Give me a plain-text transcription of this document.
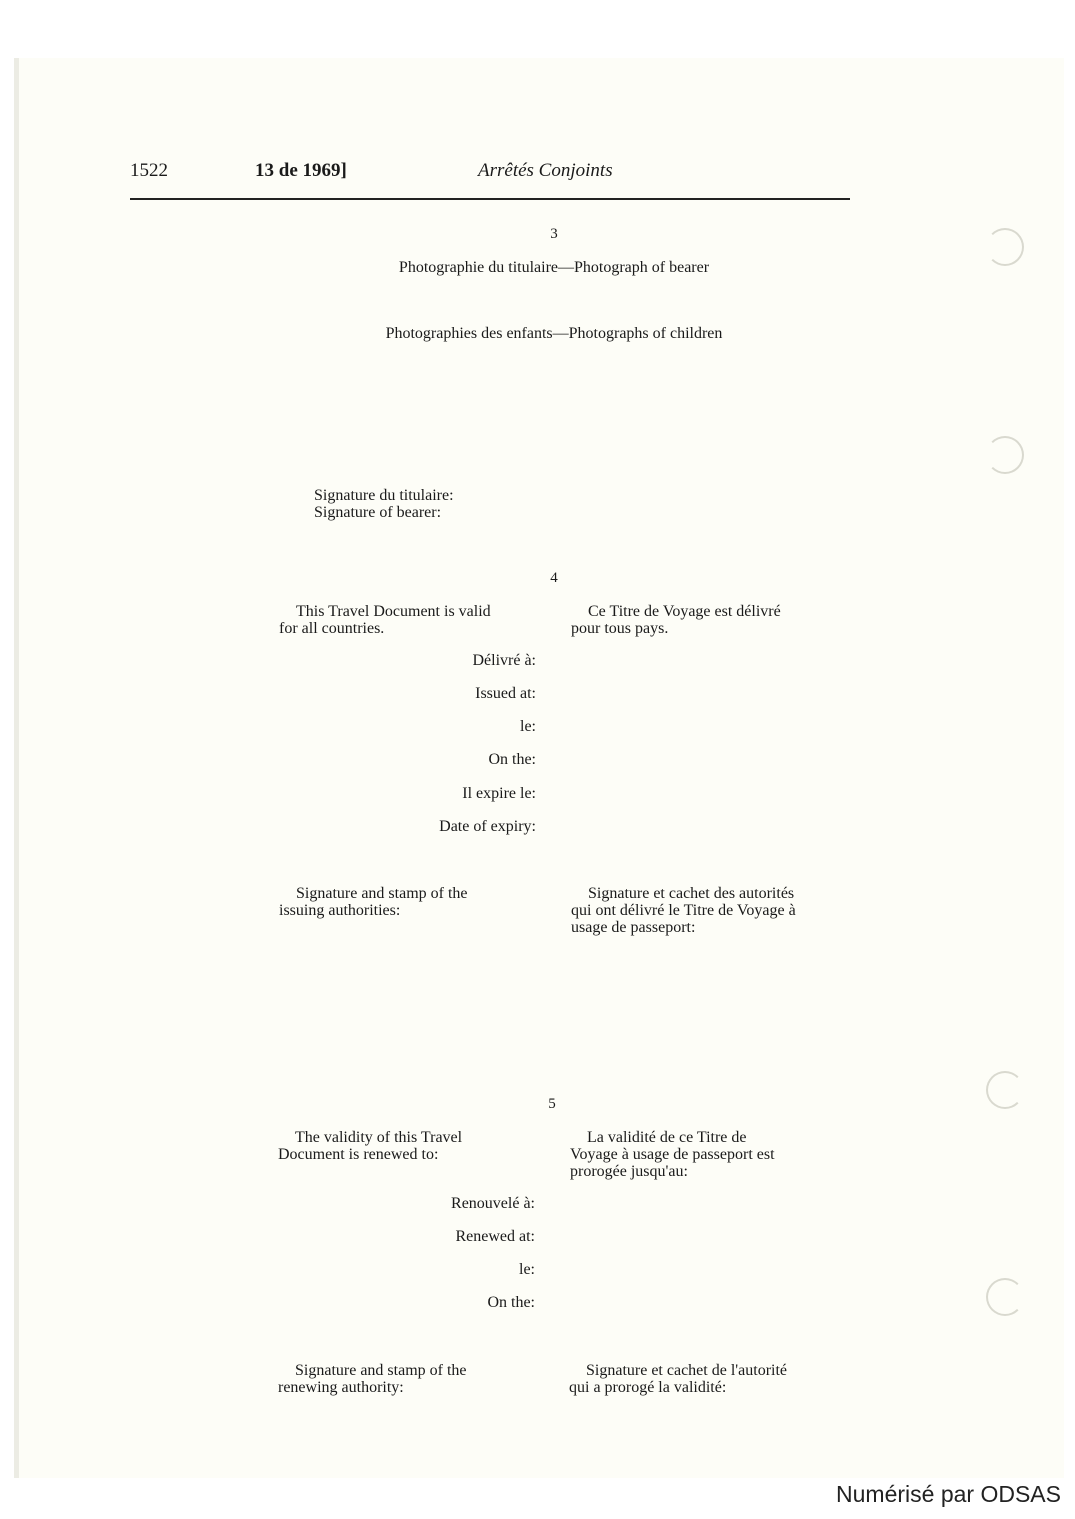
1522	13 de 1969]	Arrêtés Conjoints
3
Photographie du titulaire—Photograph of bearer
Photographies des enfants—Photographs of children
Signature du titulaire:
Signature of bearer:
4
This Travel Document is valid
for all countries.
Ce Titre de Voyage est délivré
pour tous pays.
Délivré à:
Issued at:
le:
On the:
Il expire le:
Date of expiry:
Signature and stamp of the
issuing authorities:
Signature et cachet des autorités
qui ont délivré le Titre de Voyage à
usage de passeport:
5
The validity of this Travel
Document is renewed to:
La validité de ce Titre de
Voyage à usage de passeport est
prorogée jusqu'au:
Renouvelé à:
Renewed at:
le:
On the:
Signature and stamp of the
renewing authority:
Signature et cachet de l'autorité
qui a prorogé la validité:
Numérisé par ODSAS
